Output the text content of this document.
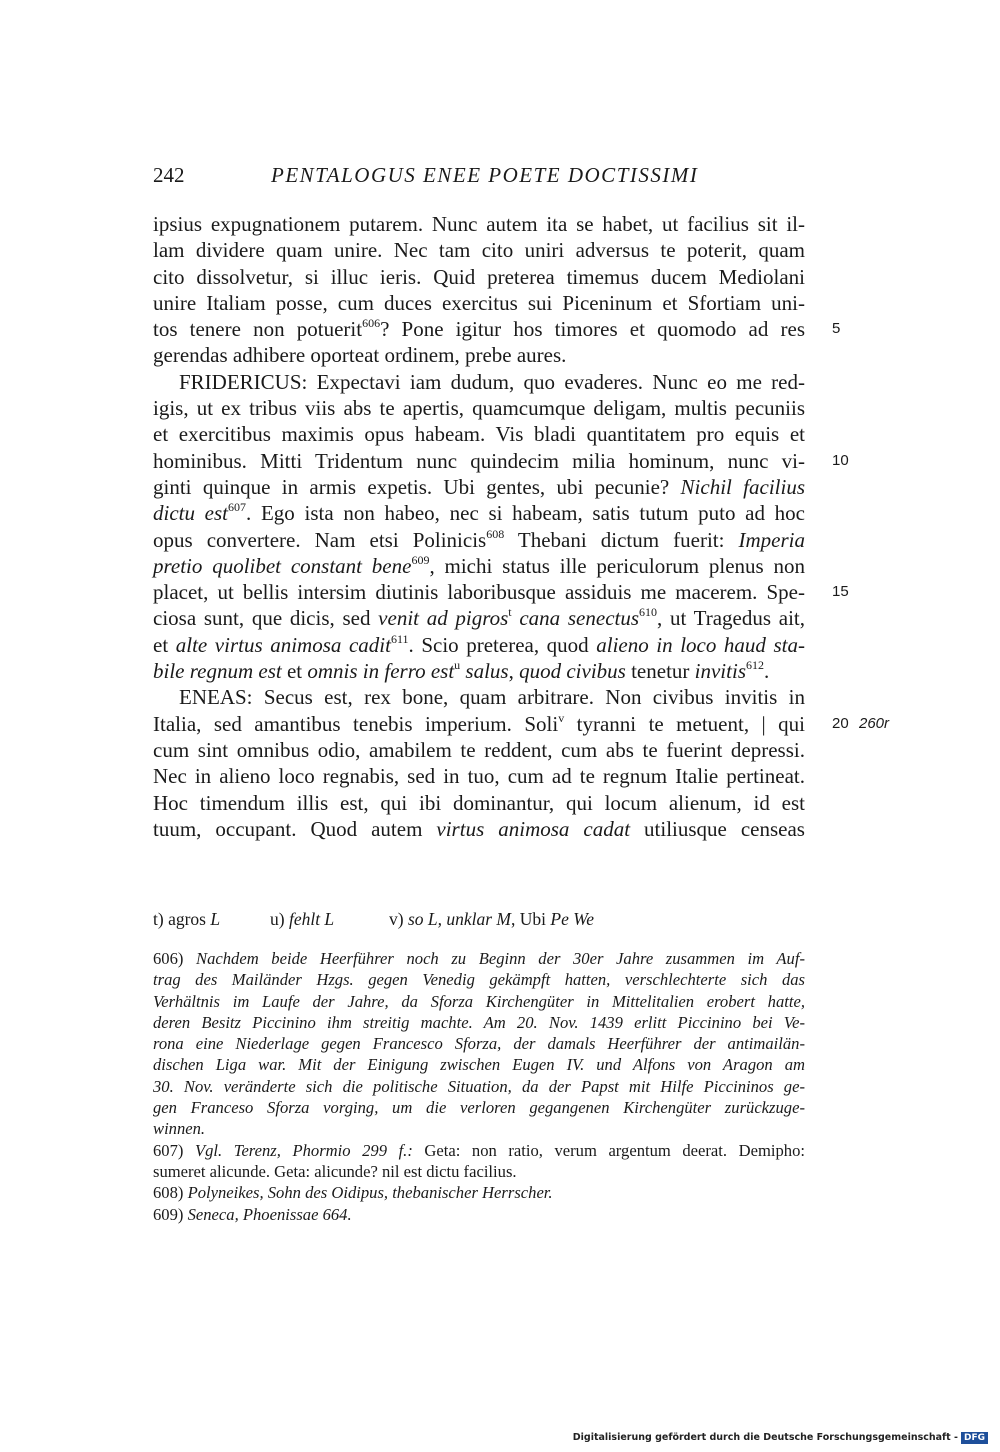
242	PENTALOGUS ENEE POETE DOCTISSIMI
ipsius expugnationem putarem. Nunc autem ita se habet, ut facilius sit il-
lam dividere quam unire. Nec tam cito uniri adversus te poterit, quam
cito dissolvetur, si illuc ieris. Quid preterea timemus ducem Mediolani
unire Italiam posse, cum duces exercitus sui Piceninum et Sfortiam uni-
tos tenere non potuerit$^{606}$? Pone igitur hos timores et quomodo ad res 5
gerendas adhibere oporteat ordinem, prebe aures.
FRIDERICUS: Expectavi iam dudum, quo evaderes. Nunc eo me red-
igis, ut ex tribus viis abs te apertis, quamcumque deligam, multis pecuniis
et exercitibus maximis opus habeam. Vis bladi quantitatem pro equis et
hominibus. Mitti Tridentum nunc quindecim milia hominum, nunc vi- 10
ginti quinque in armis expetis. Ubi gentes, ubi pecunie? Nichil facilius
dictu est$^{607}$. Ego ista non habeo, nec si habeam, satis tutum puto ad hoc
opus convertere. Nam etsi Polinicis$^{608}$ Thebani dictum fuerit: Imperia
pretio quolibet constant bene$^{609}$, michi status ille periculorum plenus non
placet, ut bellis intersim diutinis laboribusque assiduis me macerem. Spe- 15
ciosa sunt, que dicis, sed venit ad pigros$^t$ cana senectus$^{610}$, ut Tragedus ait,
et alte virtus animosa cadit$^{611}$. Scio preterea, quod alieno in loco haud sta-
bile regnum est et omnis in ferro est$^u$ salus, quod civibus tenetur invitis$^{612}$.
ENEAS: Secus est, rex bone, quam arbitrare. Non civibus invitis in
Italia, sed amantibus tenebis imperium. Soli$^v$ tyranni te metuent, | qui 20 260r
cum sint omnibus odio, amabilem te reddent, cum abs te fuerint depressi.
Nec in alieno loco regnabis, sed in tuo, cum ad te regnum Italie pertineat.
Hoc timendum illis est, qui ibi dominantur, qui locum alienum, id est
tuum, occupant. Quod autem virtus animosa cadat utiliusque censeas
t) agros L	u) fehlt L	v) so L, unklar M, Ubi Pe We
606) Nachdem beide Heerführer noch zu Beginn der 30er Jahre zusammen im Auf-
trag des Mailänder Hzgs. gegen Venedig gekämpft hatten, verschlechterte sich das
Verhältnis im Laufe der Jahre, da Sforza Kirchengüter in Mittelitalien erobert hatte,
deren Besitz Piccinino ihm streitig machte. Am 20. Nov. 1439 erlitt Piccinino bei Ve-
rona eine Niederlage gegen Francesco Sforza, der damals Heerführer der antimailän-
dischen Liga war. Mit der Einigung zwischen Eugen IV. und Alfons von Aragon am
30. Nov. veränderte sich die politische Situation, da der Papst mit Hilfe Piccininos ge-
gen Franceso Sforza vorging, um die verloren gegangenen Kirchengüter zurückzuge-
winnen.
607) Vgl. Terenz, Phormio 299 f.: Geta: non ratio, verum argentum deerat. Demipho:
sumeret alicunde. Geta: alicunde? nil est dictu facilius.
608) Polyneikes, Sohn des Oidipus, thebanischer Herrscher.
609) Seneca, Phoenissae 664.
Digitalisierung gefördert durch die Deutsche Forschungsgemeinschaft - DFG
